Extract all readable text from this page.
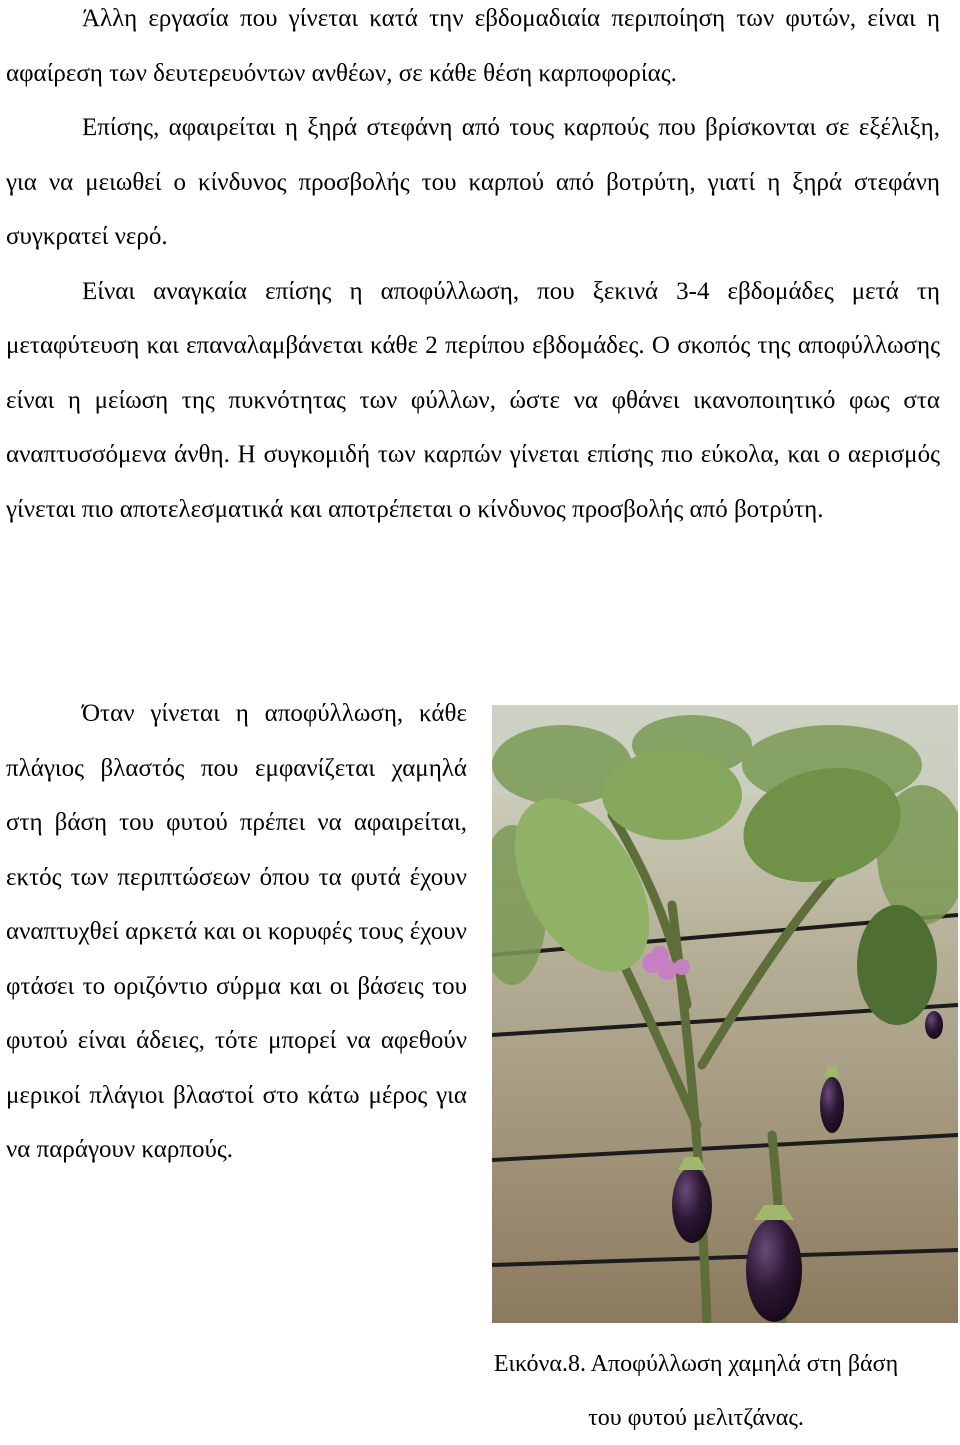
Άλλη εργασία που γίνεται κατά την εβδομαδιαία περιποίηση των φυτών, είναι η αφαίρεση των δευτερευόντων ανθέων, σε κάθε θέση καρποφορίας.

Επίσης, αφαιρείται η ξηρά στεφάνη από τους καρπούς που βρίσκονται σε εξέλιξη, για να μειωθεί ο κίνδυνος προσβολής του καρπού από βοτρύτη, γιατί η ξηρά στεφάνη συγκρατεί νερό.

Είναι αναγκαία επίσης η αποφύλλωση, που ξεκινά 3-4 εβδομάδες μετά τη μεταφύτευση και επαναλαμβάνεται κάθε 2 περίπου εβδομάδες. Ο σκοπός της αποφύλλωσης είναι η μείωση της πυκνότητας των φύλλων, ώστε να φθάνει ικανοποιητικό φως στα αναπτυσσόμενα άνθη. Η συγκομιδή των καρπών γίνεται επίσης πιο εύκολα, και ο αερισμός γίνεται πιο αποτελεσματικά και αποτρέπεται ο κίνδυνος προσβολής από βοτρύτη.

Όταν γίνεται η αποφύλλωση, κάθε πλάγιος βλαστός που εμφανίζεται χαμηλά στη βάση του φυτού πρέπει να αφαιρείται, εκτός των περιπτώσεων όπου τα φυτά έχουν αναπτυχθεί αρκετά και οι κορυφές τους έχουν φτάσει το οριζόντιο σύρμα και οι βάσεις του φυτού είναι άδειες, τότε μπορεί να αφεθούν μερικοί πλάγιοι βλαστοί στο κάτω μέρος για να παράγουν καρπούς.

Εικόνα.8. Αποφύλλωση χαμηλά στη βάση του φυτού μελιτζάνας.
